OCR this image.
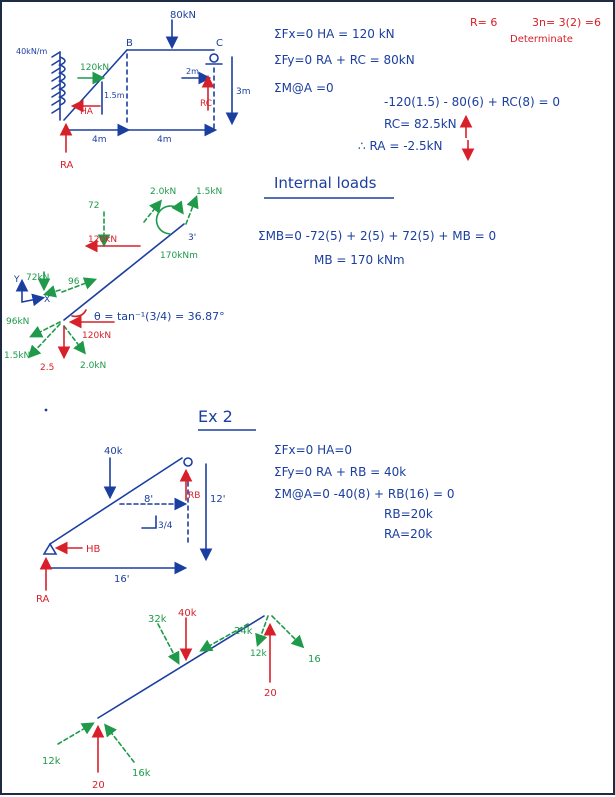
80kN
40kN/m
B	C
120kN
HA
1.5m
2m
3m
4m	4m
RA
RC
R= 6	3n= 3(2) =6
Determinate
ΣFx=0 HA = 120 kN
ΣFy=0 RA + RC = 80kN
ΣM@A =0
-120(1.5) - 80(6) + RC(8) = 0
RC= 82.5kN
∴ RA = -2.5kN
Internal loads
ΣMB=0 -72(5) + 2(5) + 72(5) + MB = 0
MB = 170 kNm
72
2.0kN 1.5kN
120kN
170kNm
3'
72kN 96
96kN
1.5kN
2.5	2.0kN
120kN
θ = tan⁻¹(3/4) = 36.87°
Y
X
Ex 2
40k
8'	12'
16'
3/4
HB
RA
RB
ΣFx=0 HA=0
ΣFy=0 RA + RB = 40k
ΣM@A=0 -40(8) + RB(16) = 0
RB=20k
RA=20k
32k
40k
24k
12k	16
20
12k
16k
20
